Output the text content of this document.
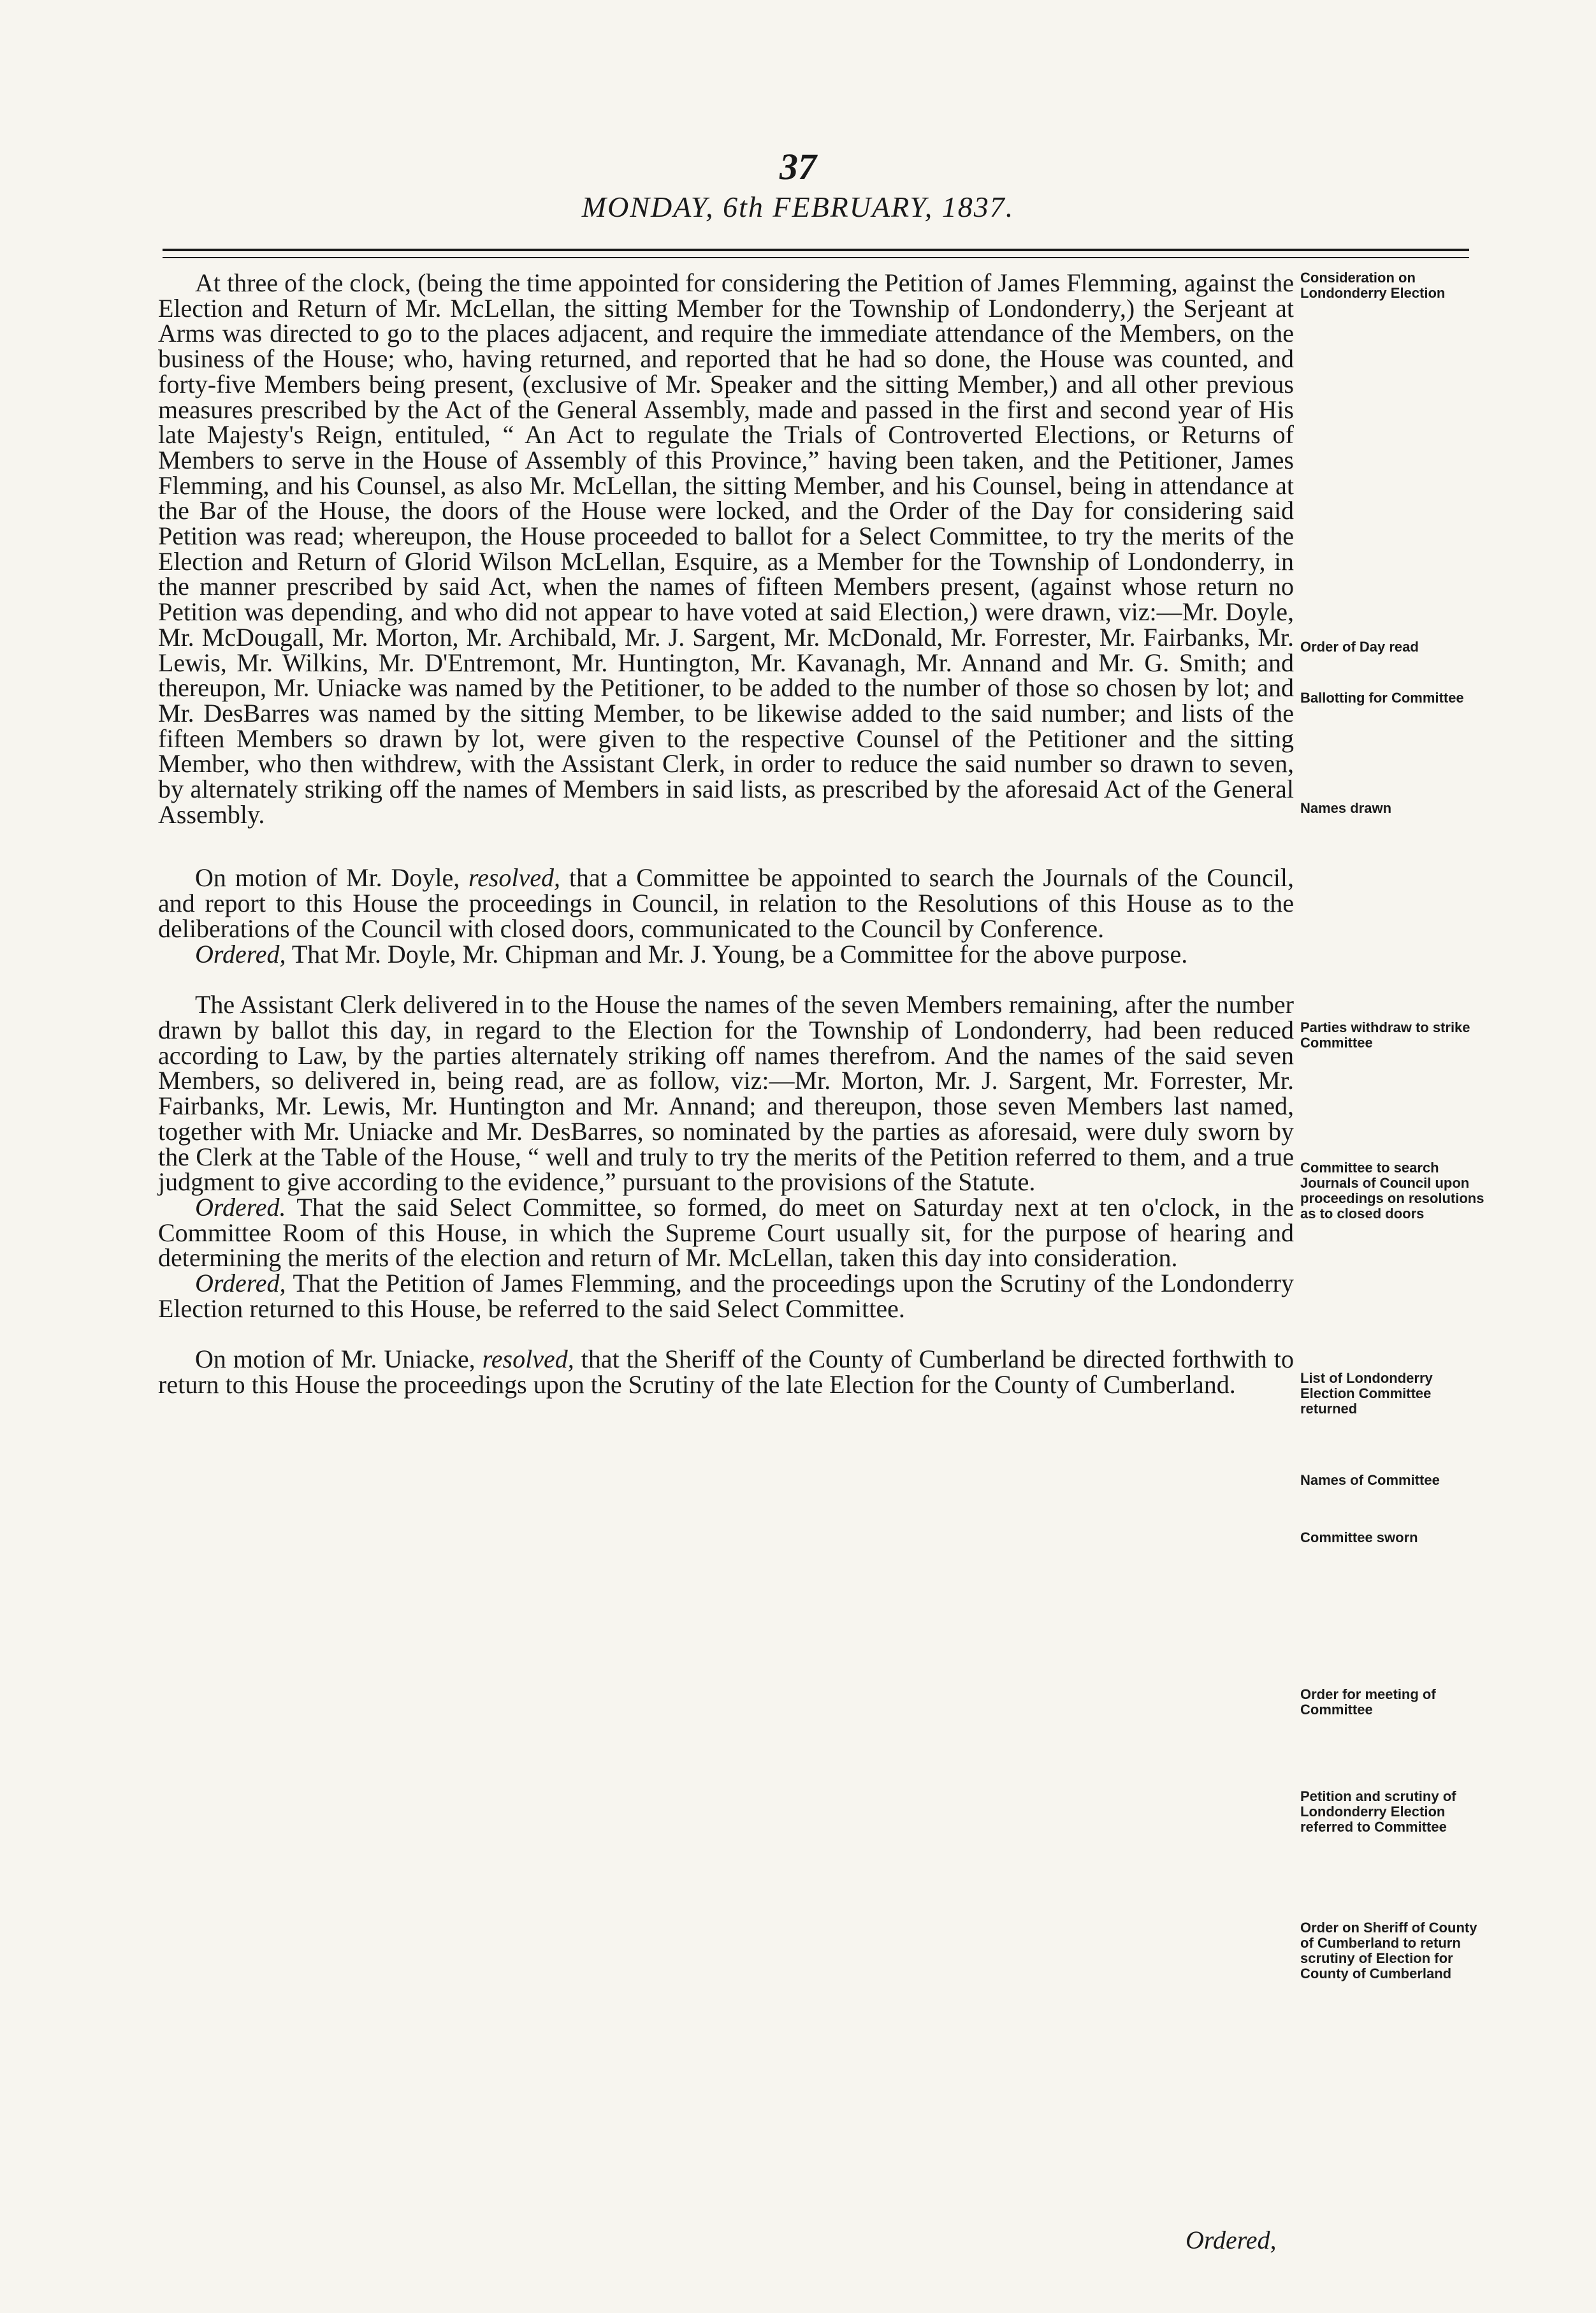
37
MONDAY, 6th FEBRUARY, 1837.

At three of the clock, (being the time appointed for considering the Petition of James Flemming, against the Election and Return of Mr. McLellan, the sitting Member for the Township of Londonderry,) the Serjeant at Arms was directed to go to the places adjacent, and require the immediate attendance of the Members, on the business of the House; who, having returned, and reported that he had so done, the House was counted, and forty-five Members being present, (exclusive of Mr. Speaker and the sitting Member,) and all other previous measures prescribed by the Act of the General Assembly, made and passed in the first and second year of His late Majesty's Reign, entituled, “ An Act to regulate the Trials of Controverted Elections, or Returns of Members to serve in the House of Assembly of this Province,” having been taken, and the Petitioner, James Flemming, and his Counsel, as also Mr. McLellan, the sitting Member, and his Counsel, being in attendance at the Bar of the House, the doors of the House were locked, and the Order of the Day for considering said Petition was read; whereupon, the House proceeded to ballot for a Select Committee, to try the merits of the Election and Return of Glorid Wilson McLellan, Esquire, as a Member for the Township of Londonderry, in the manner prescribed by said Act, when the names of fifteen Members present, (against whose return no Petition was depending, and who did not appear to have voted at said Election,) were drawn, viz:—Mr. Doyle, Mr. McDougall, Mr. Morton, Mr. Archibald, Mr. J. Sargent, Mr. McDonald, Mr. Forrester, Mr. Fairbanks, Mr. Lewis, Mr. Wilkins, Mr. D'Entremont, Mr. Huntington, Mr. Kavanagh, Mr. Annand and Mr. G. Smith; and thereupon, Mr. Uniacke was named by the Petitioner, to be added to the number of those so chosen by lot; and Mr. DesBarres was named by the sitting Member, to be likewise added to the said number; and lists of the fifteen Members so drawn by lot, were given to the respective Counsel of the Petitioner and the sitting Member, who then withdrew, with the Assistant Clerk, in order to reduce the said number so drawn to seven, by alternately striking off the names of Members in said lists, as prescribed by the aforesaid Act of the General Assembly.

On motion of Mr. Doyle, resolved, that a Committee be appointed to search the Journals of the Council, and report to this House the proceedings in Council, in relation to the Resolutions of this House as to the deliberations of the Council with closed doors, communicated to the Council by Conference.

Ordered, That Mr. Doyle, Mr. Chipman and Mr. J. Young, be a Committee for the above purpose.

The Assistant Clerk delivered in to the House the names of the seven Members remaining, after the number drawn by ballot this day, in regard to the Election for the Township of Londonderry, had been reduced according to Law, by the parties alternately striking off names therefrom. And the names of the said seven Members, so delivered in, being read, are as follow, viz:—Mr. Morton, Mr. J. Sargent, Mr. Forrester, Mr. Fairbanks, Mr. Lewis, Mr. Huntington and Mr. Annand; and thereupon, those seven Members last named, together with Mr. Uniacke and Mr. DesBarres, so nominated by the parties as aforesaid, were duly sworn by the Clerk at the Table of the House, “ well and truly to try the merits of the Petition referred to them, and a true judgment to give according to the evidence,” pursuant to the provisions of the Statute.

Ordered. That the said Select Committee, so formed, do meet on Saturday next at ten o'clock, in the Committee Room of this House, in which the Supreme Court usually sit, for the purpose of hearing and determining the merits of the election and return of Mr. McLellan, taken this day into consideration.

Ordered, That the Petition of James Flemming, and the proceedings upon the Scrutiny of the Londonderry Election returned to this House, be referred to the said Select Committee.

On motion of Mr. Uniacke, resolved, that the Sheriff of the County of Cumberland be directed forthwith to return to this House the proceedings upon the Scrutiny of the late Election for the County of Cumberland.

Ordered,
Consideration on Londonderry Election
Order of Day read
Ballotting for Committee
Names drawn
Parties withdraw to strike Committee
Committee to search Journals of Council upon proceedings on resolutions as to closed doors
List of Londonderry Election Committee returned
Names of Committee
Committee sworn
Order for meeting of Committee
Petition and scrutiny of Londonderry Election referred to Committee
Order on Sheriff of County of Cumberland to return scrutiny of Election for County of Cumberland
